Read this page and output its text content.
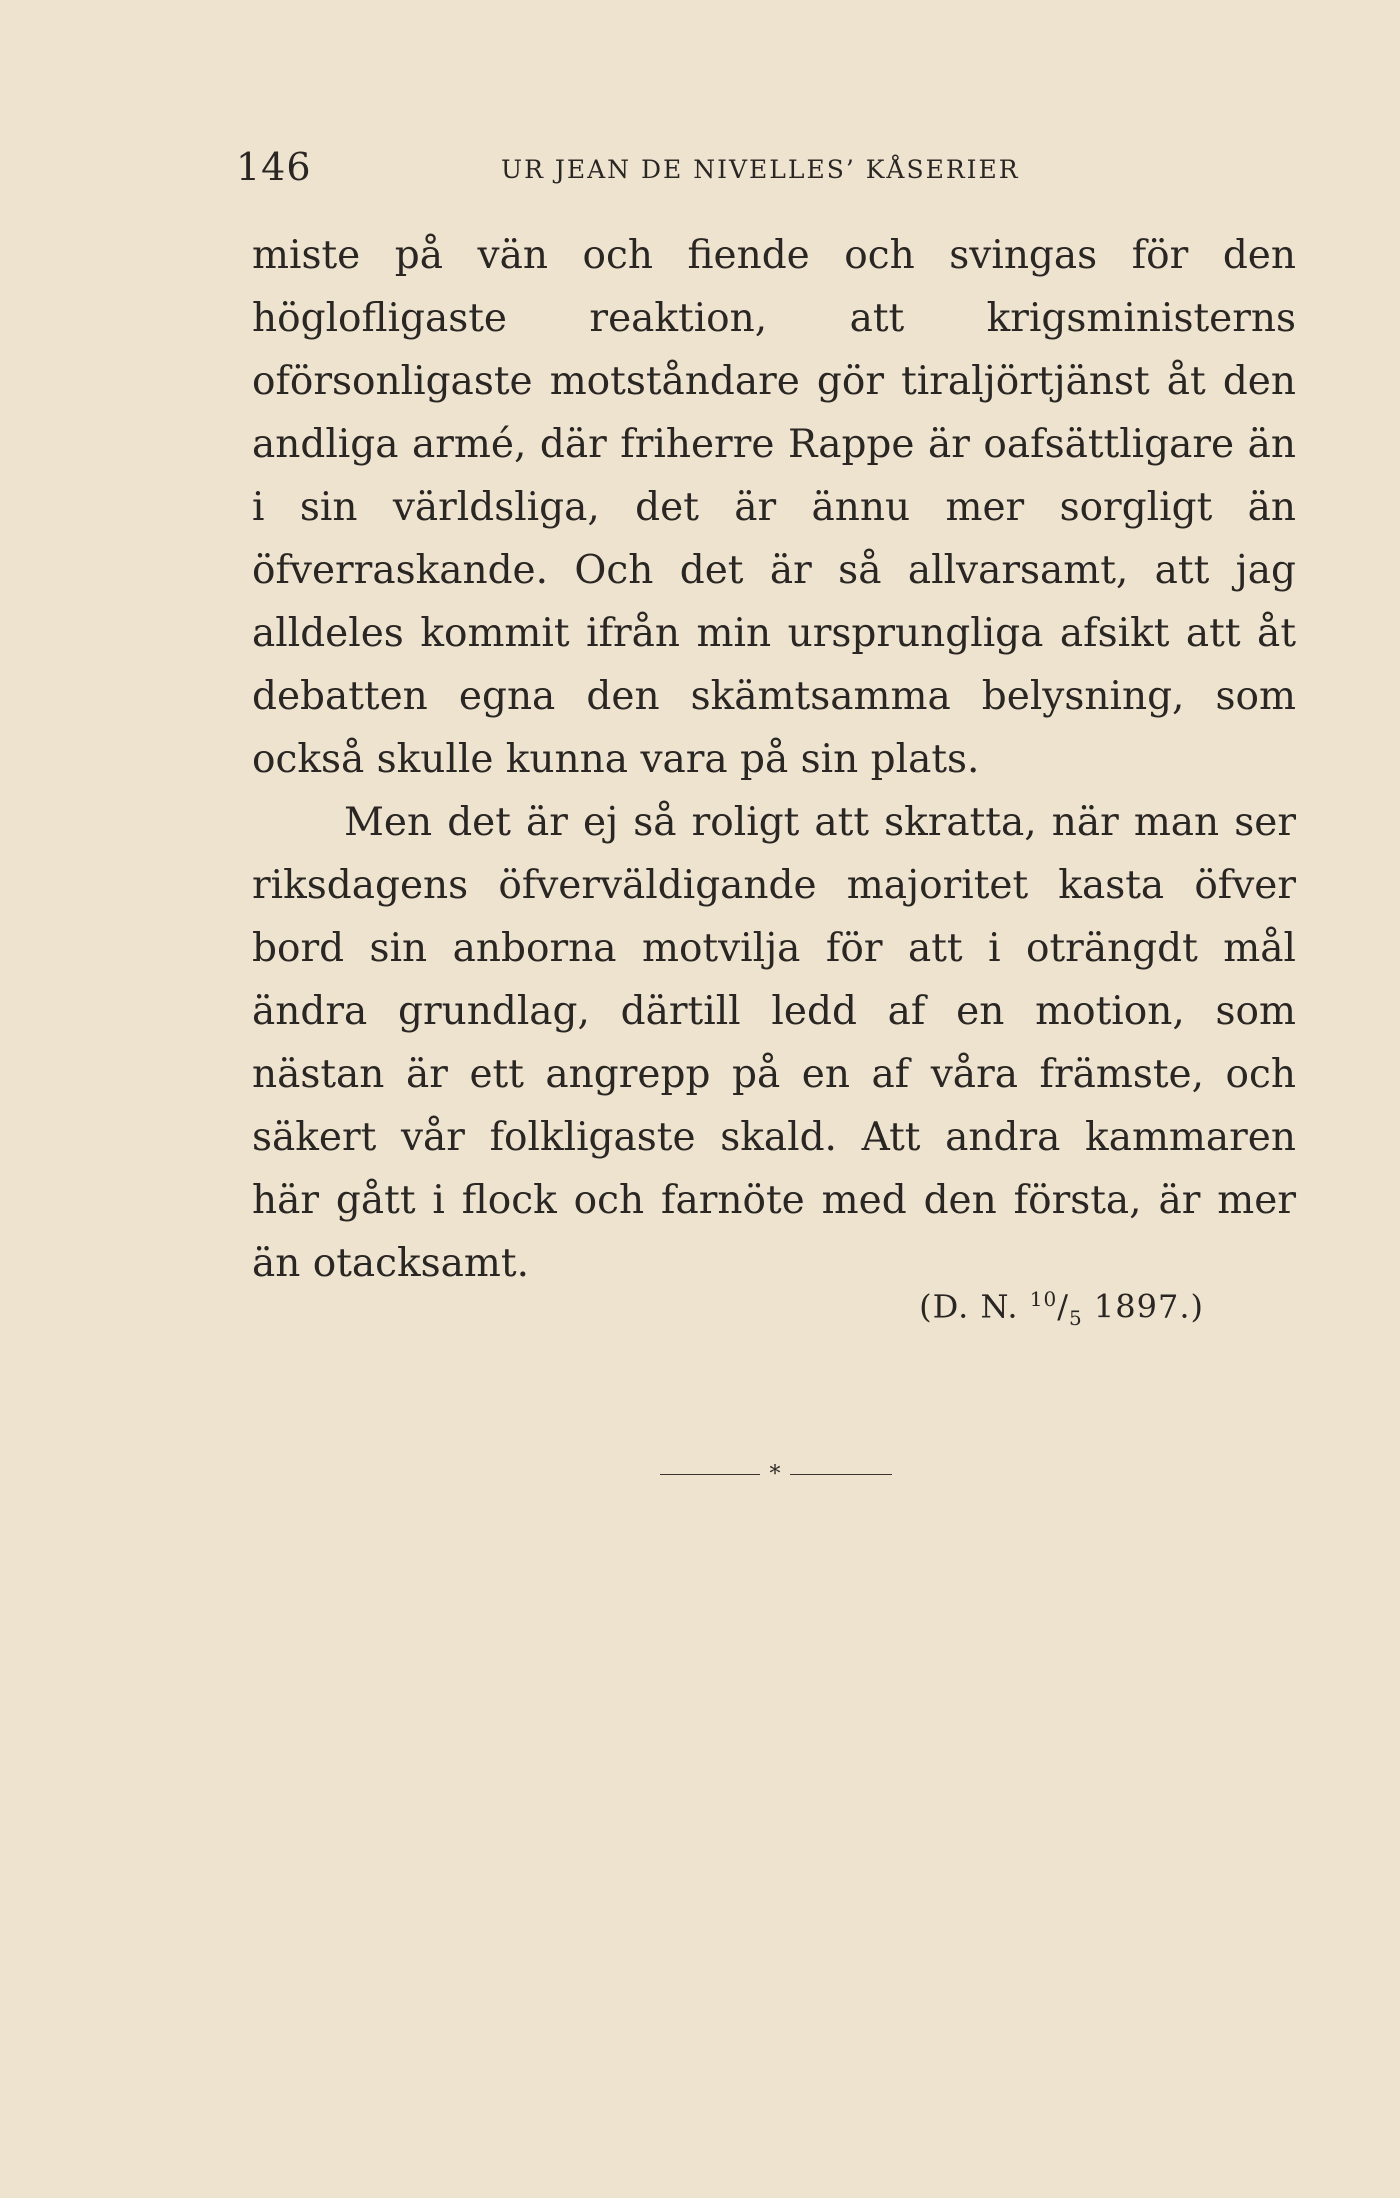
146	UR JEAN DE NIVELLES’ KÅSERIER

miste på vän och fiende och svingas för den höglofligaste reaktion, att krigsministerns oförsonligaste motståndare gör tiraljörtjänst åt den andliga armé, där friherre Rappe är oafsättligare än i sin världsliga, det är ännu mer sorgligt än öfverraskande. Och det är så allvarsamt, att jag alldeles kommit ifrån min ursprungliga afsikt att åt debatten egna den skämtsamma belysning, som också skulle kunna vara på sin plats.

Men det är ej så roligt att skratta, när man ser riksdagens öfverväldigande majoritet kasta öfver bord sin anborna motvilja för att i oträngdt mål ändra grundlag, därtill ledd af en motion, som nästan är ett angrepp på en af våra främste, och säkert vår folkligaste skald. Att andra kammaren här gått i flock och farnöte med den första, är mer än otacksamt.

(D. N. $^{10}/_5$ 1897.)
*
